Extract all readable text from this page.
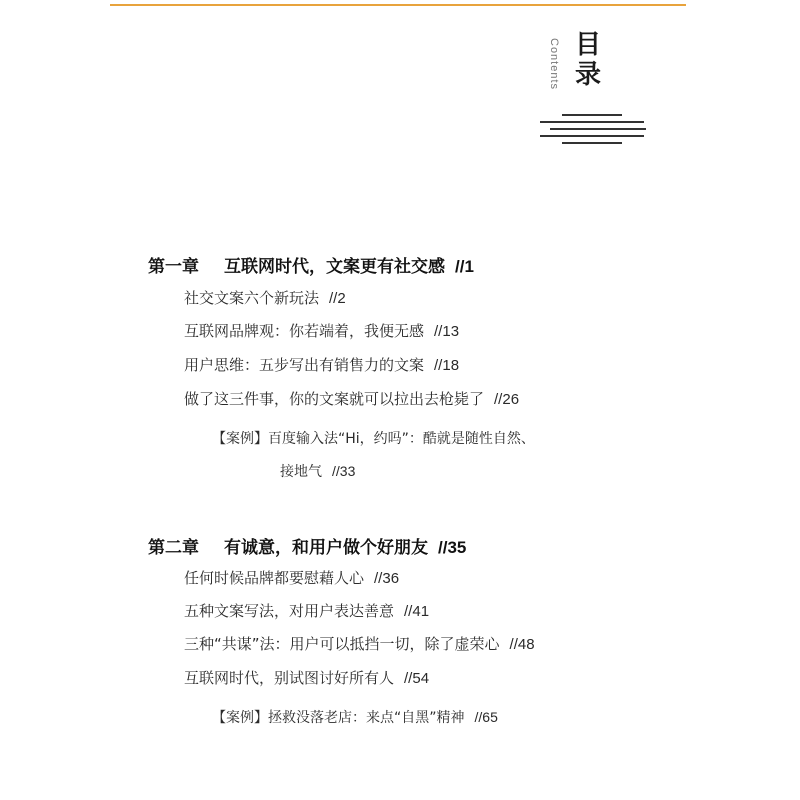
Contents 目
录
第一章 互联网时代，文案更有社交感 //1
社交文案六个新玩法 //2
互联网品牌观：你若端着，我便无感 //13
用户思维：五步写出有销售力的文案 //18
做了这三件事，你的文案就可以拉出去枪毙了 //26
【案例】百度输入法“Hi，约吗”：酷就是随性自然、
接地气 //33
第二章 有诚意，和用户做个好朋友 //35
任何时候品牌都要慰藉人心 //36
五种文案写法，对用户表达善意 //41
三种“共谋”法：用户可以抵挡一切，除了虚荣心 //48
互联网时代，别试图讨好所有人 //54
【案例】拯救没落老店：来点“自黑”精神 //65
